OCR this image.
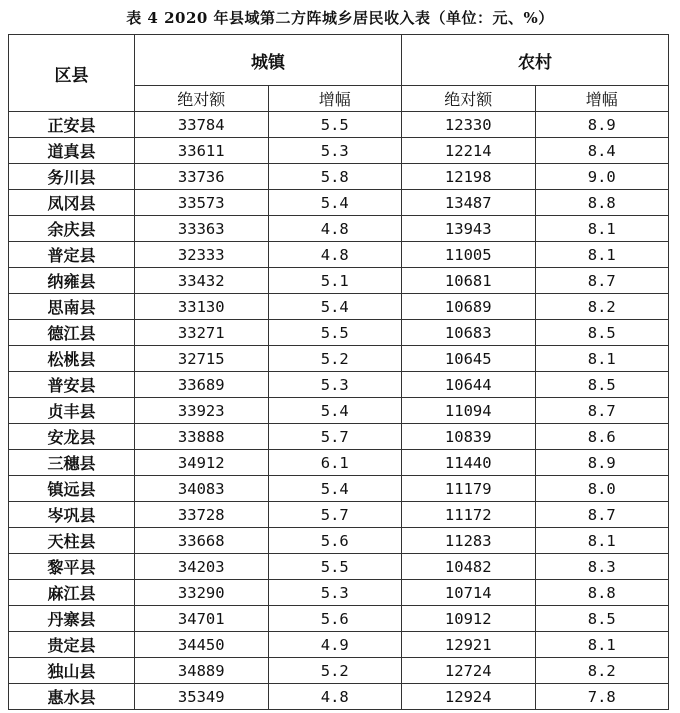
表 4 2020 年县域第二方阵城乡居民收入表（单位：元、%）
区县	城镇		农村	
	绝对额	增幅	绝对额	增幅
正安县	33784	5.5	12330	8.9
道真县	33611	5.3	12214	8.4
务川县	33736	5.8	12198	9.0
凤冈县	33573	5.4	13487	8.8
余庆县	33363	4.8	13943	8.1
普定县	32333	4.8	11005	8.1
纳雍县	33432	5.1	10681	8.7
思南县	33130	5.4	10689	8.2
德江县	33271	5.5	10683	8.5
松桃县	32715	5.2	10645	8.1
普安县	33689	5.3	10644	8.5
贞丰县	33923	5.4	11094	8.7
安龙县	33888	5.7	10839	8.6
三穗县	34912	6.1	11440	8.9
镇远县	34083	5.4	11179	8.0
岑巩县	33728	5.7	11172	8.7
天柱县	33668	5.6	11283	8.1
黎平县	34203	5.5	10482	8.3
麻江县	33290	5.3	10714	8.8
丹寨县	34701	5.6	10912	8.5
贵定县	34450	4.9	12921	8.1
独山县	34889	5.2	12724	8.2
惠水县	35349	4.8	12924	7.8
